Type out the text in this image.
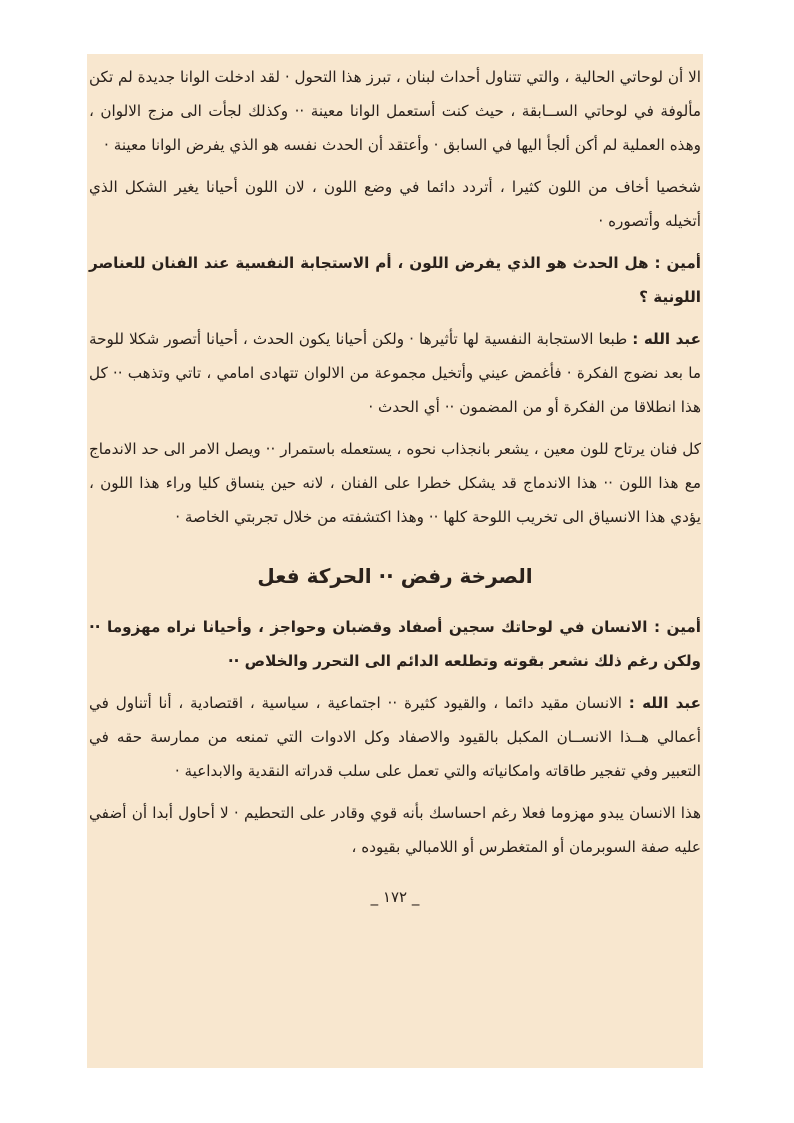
الا أن لوحاتي الحالية ، والتي تتناول أحداث لبنان ، تبرز هذا التحول · لقد ادخلت الوانا جديدة لم تكن مألوفة في لوحاتي الســابقة ، حيث كنت أستعمل الوانا معينة ·· وكذلك لجأت الى مزج الالوان ، وهذه العملية لم أكن ألجأ اليها في السابق · وأعتقد أن الحدث نفسه هو الذي يفرض الوانا معينة ·

شخصيا أخاف من اللون كثيرا ، أتردد دائما في وضع اللون ، لان اللون أحيانا يغير الشكل الذي أتخيله وأتصوره ·

أمين : هل الحدث هو الذي يفرض اللون ، أم الاستجابة النفسية عند الفنان للعناصر اللونية ؟

عبد الله : طبعا الاستجابة النفسية لها تأثيرها · ولكن أحيانا يكون الحدث ، أحيانا أتصور شكلا للوحة ما بعد نضوج الفكرة · فأغمض عيني وأتخيل مجموعة من الالوان تتهادى امامي ، تاتي وتذهب ·· كل هذا انطلاقا من الفكرة أو من المضمون ·· أي الحدث ·

كل فنان يرتاح للون معين ، يشعر بانجذاب نحوه ، يستعمله باستمرار ·· ويصل الامر الى حد الاندماج مع هذا اللون ·· هذا الاندماج قد يشكل خطرا على الفنان ، لانه حين ينساق كليا وراء هذا اللون ، يؤدي هذا الانسياق الى تخريب اللوحة كلها ·· وهذا اكتشفته من خلال تجربتي الخاصة ·

الصرخة رفض ·· الحركة فعل

أمين : الانسان في لوحاتك سجين أصفاد وقضبان وحواجز ، وأحيانا نراه مهزوما ·· ولكن رغم ذلك نشعر بقوته وتطلعه الدائم الى التحرر والخلاص ··

عبد الله : الانسان مقيد دائما ، والقيود كثيرة ·· اجتماعية ، سياسية ، اقتصادية ، أنا أتناول في أعمالي هــذا الانســان المكبل بالقيود والاصفاد وكل الادوات التي تمنعه من ممارسة حقه في التعبير وفي تفجير طاقاته وامكانياته والتي تعمل على سلب قدراته النقدية والابداعية ·

هذا الانسان يبدو مهزوما فعلا رغم احساسك بأنه قوي وقادر على التحطيم · لا أحاول أبدا أن أضفي عليه صفة السوبرمان أو المتغطرس أو اللامبالي بقيوده ،

_ ١٧٢ _
